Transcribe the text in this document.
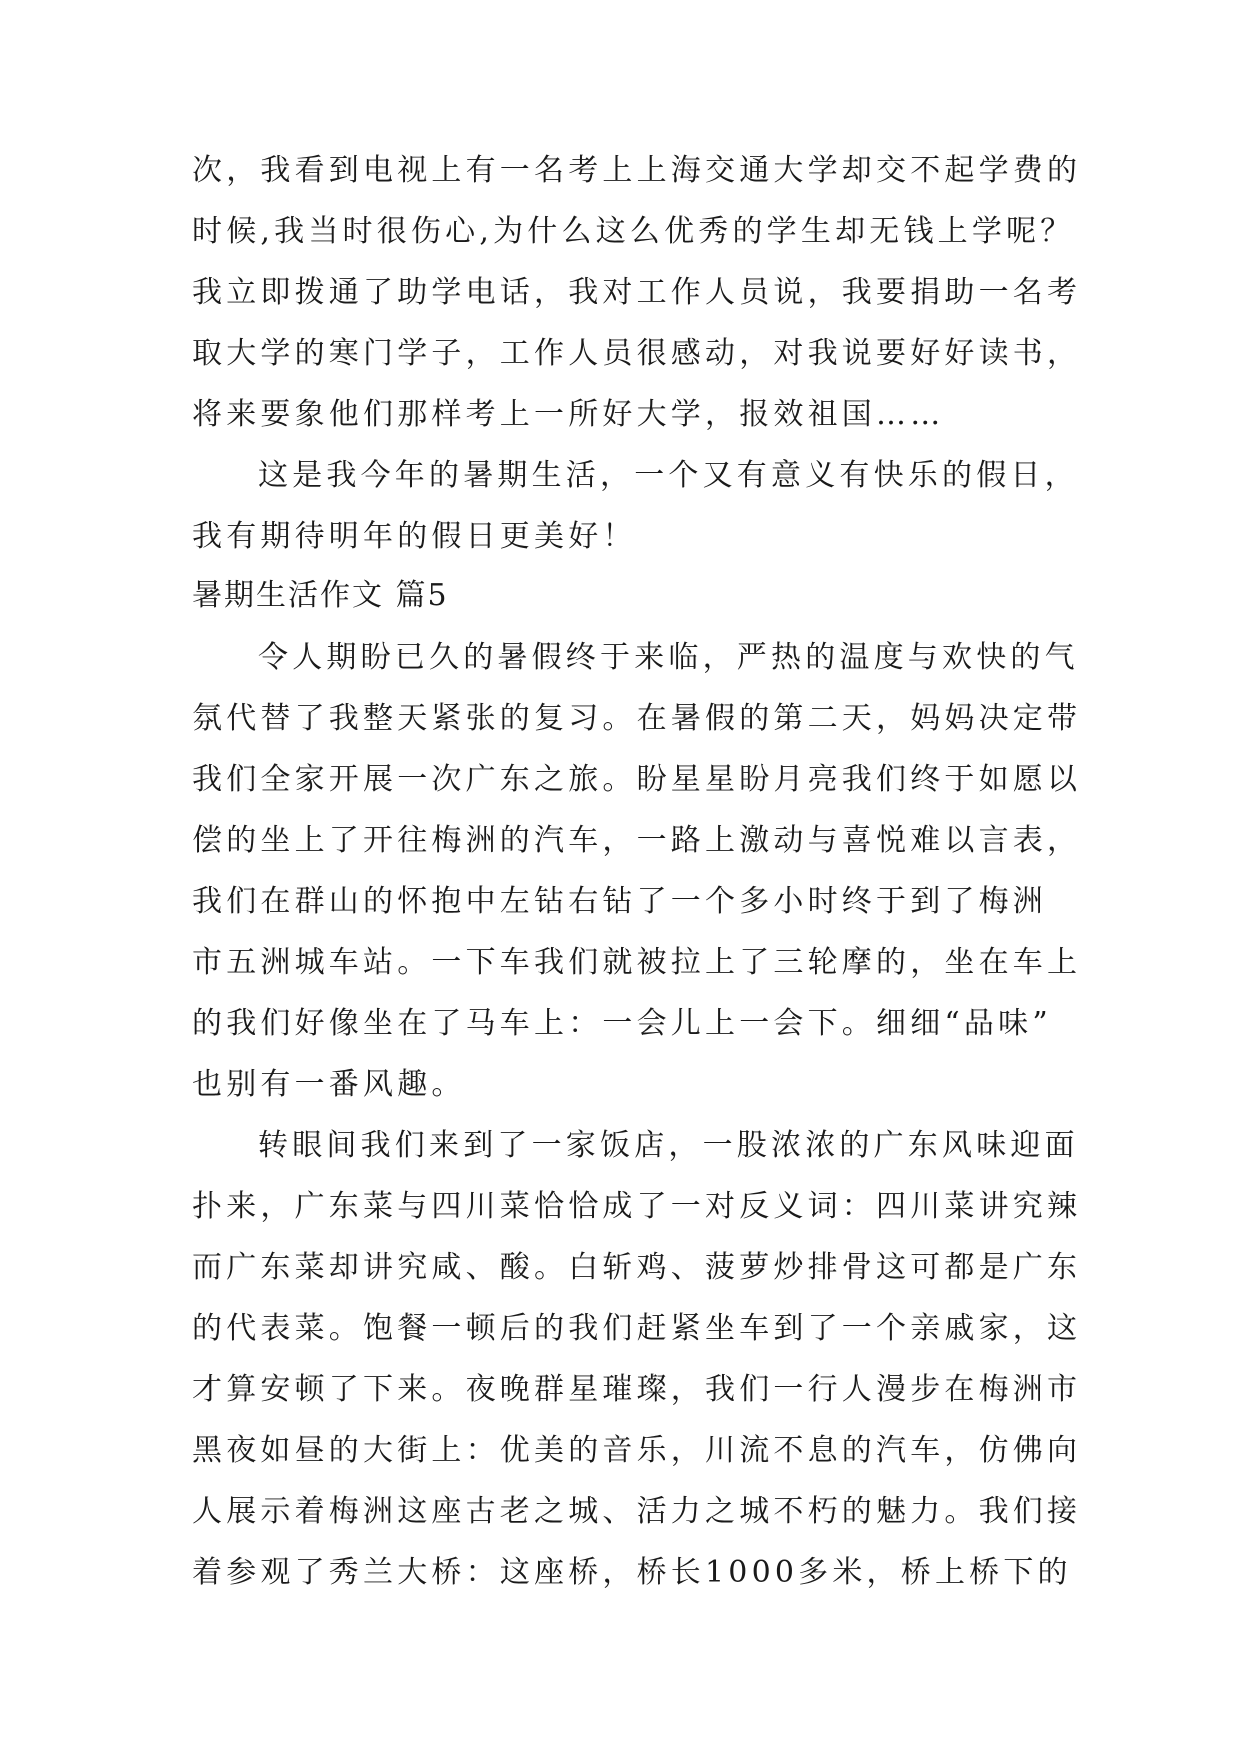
次，我看到电视上有一名考上上海交通大学却交不起学费的
时候,我当时很伤心,为什么这么优秀的学生却无钱上学呢？
我立即拨通了助学电话，我对工作人员说，我要捐助一名考
取大学的寒门学子，工作人员很感动，对我说要好好读书，
将来要象他们那样考上一所好大学，报效祖国……
这是我今年的暑期生活，一个又有意义有快乐的假日，
我有期待明年的假日更美好！
暑期生活作文 篇5
令人期盼已久的暑假终于来临，严热的温度与欢快的气
氛代替了我整天紧张的复习。在暑假的第二天，妈妈决定带
我们全家开展一次广东之旅。盼星星盼月亮我们终于如愿以
偿的坐上了开往梅洲的汽车，一路上激动与喜悦难以言表，
我们在群山的怀抱中左钻右钻了一个多小时终于到了梅洲
市五洲城车站。一下车我们就被拉上了三轮摩的，坐在车上
的我们好像坐在了马车上：一会儿上一会下。细细“品味”
也别有一番风趣。
转眼间我们来到了一家饭店，一股浓浓的广东风味迎面
扑来，广东菜与四川菜恰恰成了一对反义词：四川菜讲究辣
而广东菜却讲究咸、酸。白斩鸡、菠萝炒排骨这可都是广东
的代表菜。饱餐一顿后的我们赶紧坐车到了一个亲戚家，这
才算安顿了下来。夜晚群星璀璨，我们一行人漫步在梅洲市
黑夜如昼的大街上：优美的音乐，川流不息的汽车，仿佛向
人展示着梅洲这座古老之城、活力之城不朽的魅力。我们接
着参观了秀兰大桥：这座桥，桥长1000多米，桥上桥下的
